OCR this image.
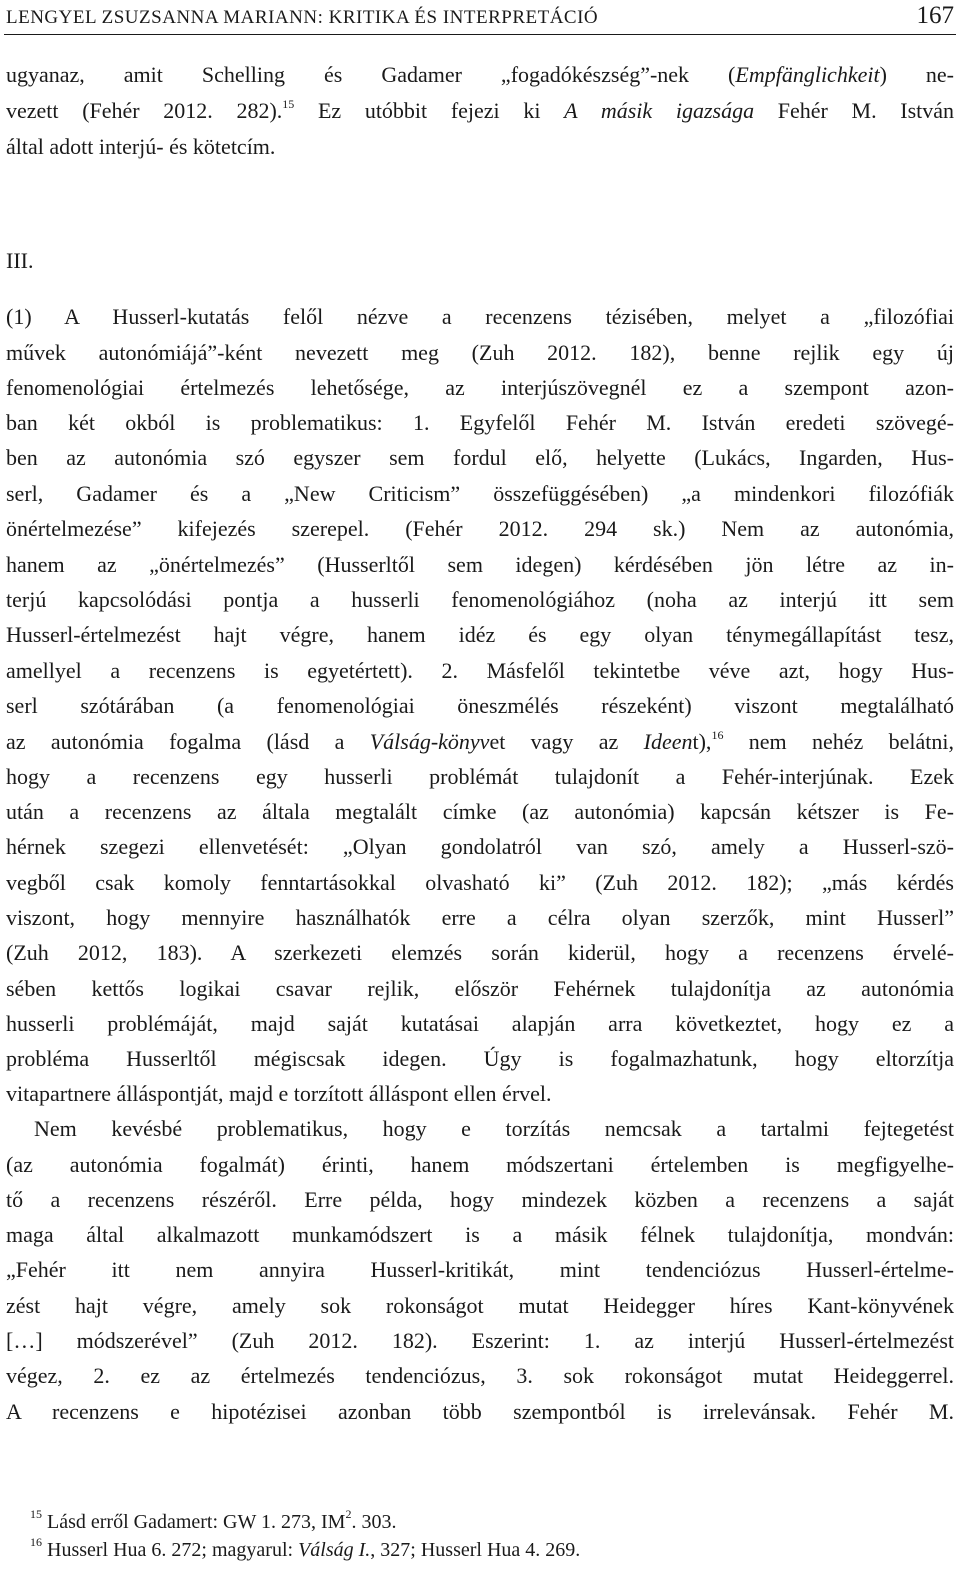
LENGYEL ZSUZSANNA MARIANN: KRITIKA ÉS INTERPRETÁCIÓ	167
ugyanaz, amit Schelling és Gadamer „fogadókészség”-nek (Empfänglichkeit) ne-
vezett (Fehér 2012. 282).$^{15}$ Ez utóbbit fejezi ki A másik igazsága Fehér M. István
által adott interjú- és kötetcím.
III.
(1) A Husserl-kutatás felől nézve a recenzens tézisében, melyet a „filozófiai
művek autonómiájá”-ként nevezett meg (Zuh 2012. 182), benne rejlik egy új
fenomenológiai értelmezés lehetősége, az interjúszövegnél ez a szempont azon-
ban két okból is problematikus: 1. Egyfelől Fehér M. István eredeti szövegé-
ben az autonómia szó egyszer sem fordul elő, helyette (Lukács, Ingarden, Hus-
serl, Gadamer és a „New Criticism” összefüggésében) „a mindenkori filozófiák
önértelmezése” kifejezés szerepel. (Fehér 2012. 294 sk.) Nem az autonómia,
hanem az „önértelmezés” (Husserltől sem idegen) kérdésében jön létre az in-
terjú kapcsolódási pontja a husserli fenomenológiához (noha az interjú itt sem
Husserl-értelmezést hajt végre, hanem idéz és egy olyan ténymegállapítást tesz,
amellyel a recenzens is egyetértett). 2. Másfelől tekintetbe véve azt, hogy Hus-
serl szótárában (a fenomenológiai öneszmélés részeként) viszont megtalálható
az autonómia fogalma (lásd a Válság-könyvet vagy az Ideent),$^{16}$ nem nehéz belátni,
hogy a recenzens egy husserli problémát tulajdonít a Fehér-interjúnak. Ezek
után a recenzens az általa megtalált címke (az autonómia) kapcsán kétszer is Fe-
hérnek szegezi ellenvetését: „Olyan gondolatról van szó, amely a Husserl-szö-
vegből csak komoly fenntartásokkal olvasható ki” (Zuh 2012. 182); „más kérdés
viszont, hogy mennyire használhatók erre a célra olyan szerzők, mint Husserl”
(Zuh 2012, 183). A szerkezeti elemzés során kiderül, hogy a recenzens érvelé-
sében kettős logikai csavar rejlik, először Fehérnek tulajdonítja az autonómia
husserli problémáját, majd saját kutatásai alapján arra következtet, hogy ez a
probléma Husserltől mégiscsak idegen. Úgy is fogalmazhatunk, hogy eltorzítja
vitapartnere álláspontját, majd e torzított álláspont ellen érvel.
Nem kevésbé problematikus, hogy e torzítás nemcsak a tartalmi fejtegetést
(az autonómia fogalmát) érinti, hanem módszertani értelemben is megfigyelhe-
tő a recenzens részéről. Erre példa, hogy mindezek közben a recenzens a saját
maga által alkalmazott munkamódszert is a másik félnek tulajdonítja, mondván:
„Fehér itt nem annyira Husserl-kritikát, mint tendenciózus Husserl-értelme-
zést hajt végre, amely sok rokonságot mutat Heidegger híres Kant-könyvének
[…] módszerével” (Zuh 2012. 182). Eszerint: 1. az interjú Husserl-értelmezést
végez, 2. ez az értelmezés tendenciózus, 3. sok rokonságot mutat Heideggerrel.
A recenzens e hipotézisei azonban több szempontból is irrelevánsak. Fehér M.
$^{15}$ Lásd erről Gadamert: GW 1. 273, $IM^2$. 303.
$^{16}$ Husserl Hua 6. 272; magyarul: Válság I., 327; Husserl Hua 4. 269.
